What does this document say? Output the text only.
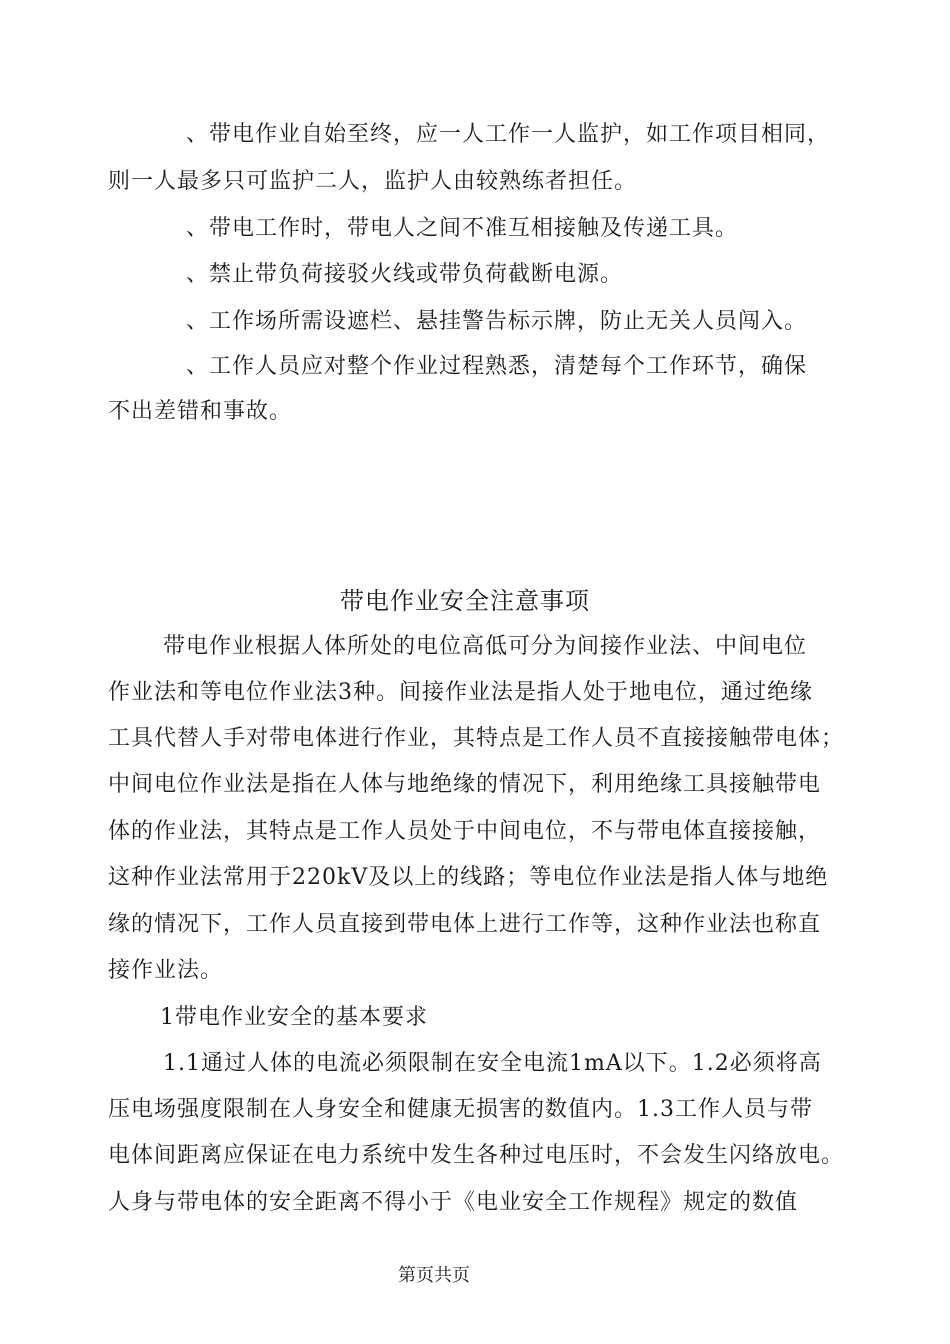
、带电作业自始至终，应一人工作一人监护，如工作项目相同，
则一人最多只可监护二人，监护人由较熟练者担任。
、带电工作时，带电人之间不准互相接触及传递工具。
、禁止带负荷接驳火线或带负荷截断电源。
、工作场所需设遮栏、悬挂警告标示牌，防止无关人员闯入。
、工作人员应对整个作业过程熟悉，清楚每个工作环节，确保
不出差错和事故。
带电作业安全注意事项
带电作业根据人体所处的电位高低可分为间接作业法、中间电位
作业法和等电位作业法3种。间接作业法是指人处于地电位，通过绝缘
工具代替人手对带电体进行作业，其特点是工作人员不直接接触带电体；
中间电位作业法是指在人体与地绝缘的情况下，利用绝缘工具接触带电
体的作业法，其特点是工作人员处于中间电位，不与带电体直接接触，
这种作业法常用于220kV及以上的线路；等电位作业法是指人体与地绝
缘的情况下，工作人员直接到带电体上进行工作等，这种作业法也称直
接作业法。
1带电作业安全的基本要求
1.1通过人体的电流必须限制在安全电流1mA以下。1.2必须将高
压电场强度限制在人身安全和健康无损害的数值内。1.3工作人员与带
电体间距离应保证在电力系统中发生各种过电压时，不会发生闪络放电。
人身与带电体的安全距离不得小于《电业安全工作规程》规定的数值
第页共页
